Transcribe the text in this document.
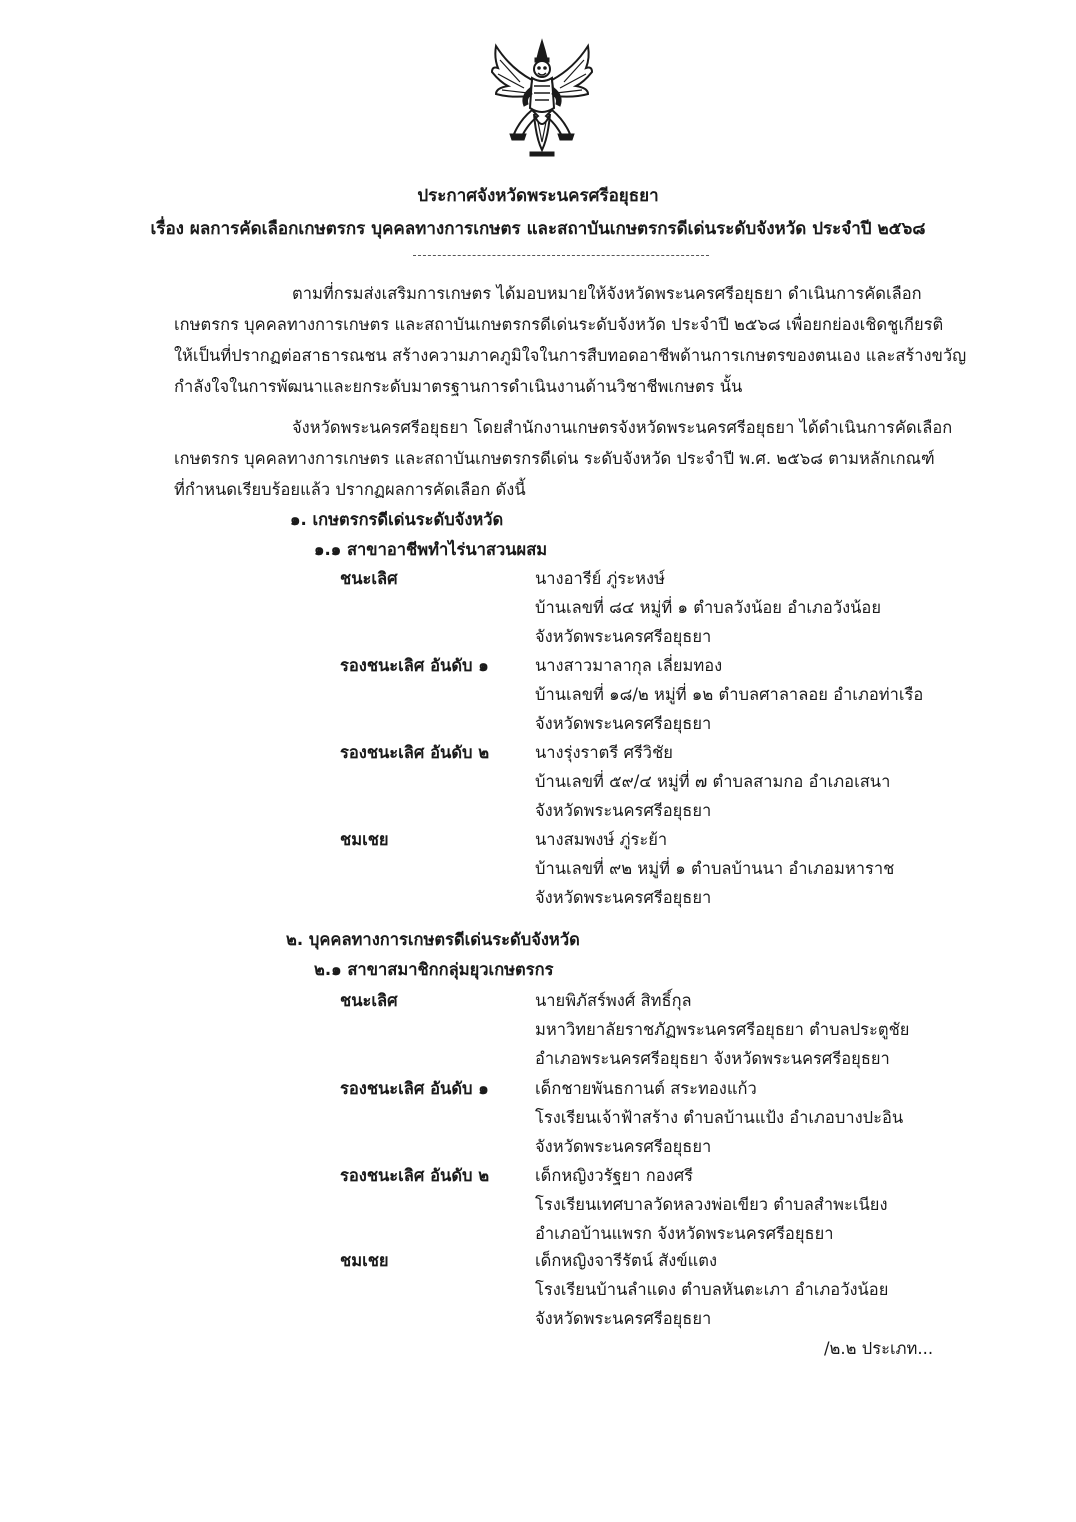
ประกาศจังหวัดพระนครศรีอยุธยา
เรื่อง ผลการคัดเลือกเกษตรกร บุคคลทางการเกษตร และสถาบันเกษตรกรดีเด่นระดับจังหวัด ประจำปี ๒๕๖๘
ตามที่กรมส่งเสริมการเกษตร ได้มอบหมายให้จังหวัดพระนครศรีอยุธยา ดำเนินการคัดเลือก
เกษตรกร บุคคลทางการเกษตร และสถาบันเกษตรกรดีเด่นระดับจังหวัด ประจำปี ๒๕๖๘ เพื่อยกย่องเชิดชูเกียรติ
ให้เป็นที่ปรากฏต่อสาธารณชน สร้างความภาคภูมิใจในการสืบทอดอาชีพด้านการเกษตรของตนเอง และสร้างขวัญ
กำลังใจในการพัฒนาและยกระดับมาตรฐานการดำเนินงานด้านวิชาชีพเกษตร นั้น
จังหวัดพระนครศรีอยุธยา โดยสำนักงานเกษตรจังหวัดพระนครศรีอยุธยา ได้ดำเนินการคัดเลือก
เกษตรกร บุคคลทางการเกษตร และสถาบันเกษตรกรดีเด่น ระดับจังหวัด ประจำปี พ.ศ. ๒๕๖๘ ตามหลักเกณฑ์
ที่กำหนดเรียบร้อยแล้ว ปรากฏผลการคัดเลือก ดังนี้
๑. เกษตรกรดีเด่นระดับจังหวัด
๑.๑ สาขาอาชีพทำไร่นาสวนผสม
ชนะเลิศ	นางอารีย์ ภู่ระหงษ์
บ้านเลขที่ ๘๔ หมู่ที่ ๑ ตำบลวังน้อย อำเภอวังน้อย
จังหวัดพระนครศรีอยุธยา
รองชนะเลิศ อันดับ ๑	นางสาวมาลากุล เลี่ยมทอง
บ้านเลขที่ ๑๘/๒ หมู่ที่ ๑๒ ตำบลศาลาลอย อำเภอท่าเรือ
จังหวัดพระนครศรีอยุธยา
รองชนะเลิศ อันดับ ๒	นางรุ่งราตรี ศรีวิชัย
บ้านเลขที่ ๕๙/๔ หมู่ที่ ๗ ตำบลสามกอ อำเภอเสนา
จังหวัดพระนครศรีอยุธยา
ชมเชย	นางสมพงษ์ ภู่ระย้า
บ้านเลขที่ ๙๒ หมู่ที่ ๑ ตำบลบ้านนา อำเภอมหาราช
จังหวัดพระนครศรีอยุธยา
๒. บุคคลทางการเกษตรดีเด่นระดับจังหวัด
๒.๑ สาขาสมาชิกกลุ่มยุวเกษตรกร
ชนะเลิศ	นายพิภัสร์พงศ์ สิทธิ์กุล
มหาวิทยาลัยราชภัฏพระนครศรีอยุธยา ตำบลประตูชัย
อำเภอพระนครศรีอยุธยา จังหวัดพระนครศรีอยุธยา
รองชนะเลิศ อันดับ ๑	เด็กชายพันธกานต์ สระทองแก้ว
โรงเรียนเจ้าฟ้าสร้าง ตำบลบ้านแป้ง อำเภอบางปะอิน
จังหวัดพระนครศรีอยุธยา
รองชนะเลิศ อันดับ ๒	เด็กหญิงวรัฐยา กองศรี
โรงเรียนเทศบาลวัดหลวงพ่อเขียว ตำบลสำพะเนียง
อำเภอบ้านแพรก จังหวัดพระนครศรีอยุธยา
ชมเชย	เด็กหญิงจารีรัตน์ สังข์แตง
โรงเรียนบ้านลำแดง ตำบลหันตะเภา อำเภอวังน้อย
จังหวัดพระนครศรีอยุธยา
/๒.๒ ประเภท...
